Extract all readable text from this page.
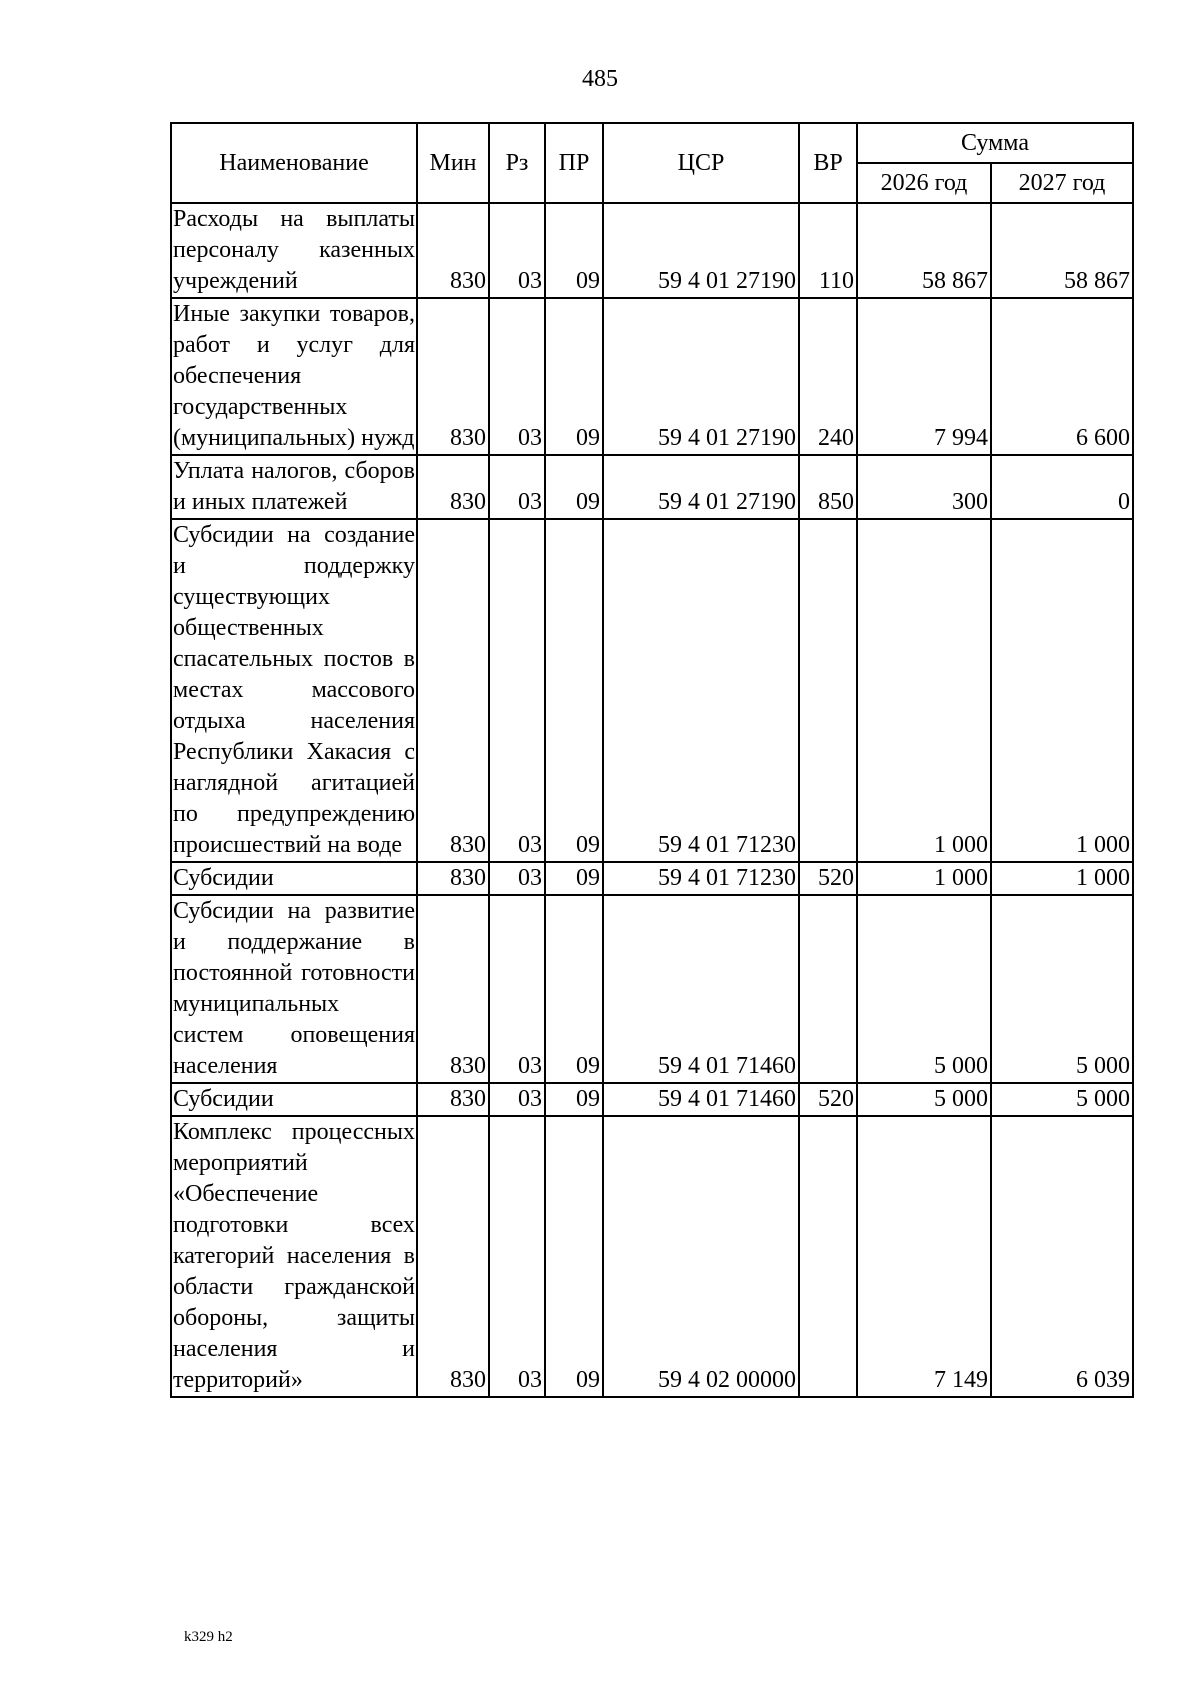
485
Наименование	Мин	Рз	ПР	ЦСР	ВР	Сумма	
						2026 год	2027 год
Расходы на выплаты персоналу казенных учреждений	830	03	09	59 4 01 27190	110	58 867	58 867
Иные закупки товаров, работ и услуг для обеспечения государственных (муниципальных) нужд	830	03	09	59 4 01 27190	240	7 994	6 600
Уплата налогов, сборов и иных платежей	830	03	09	59 4 01 27190	850	300	0
Субсидии на создание и поддержку существующих общественных спасательных постов в местах массового отдыха населения Республики Хакасия с наглядной агитацией по предупреждению происшествий на воде	830	03	09	59 4 01 71230		1 000	1 000
Субсидии	830	03	09	59 4 01 71230	520	1 000	1 000
Субсидии на развитие и поддержание в постоянной готовности муниципальных систем оповещения населения	830	03	09	59 4 01 71460		5 000	5 000
Субсидии	830	03	09	59 4 01 71460	520	5 000	5 000
Комплекс процессных мероприятий «Обеспечение подготовки всех категорий населения в области гражданской обороны, защиты населения и территорий»	830	03	09	59 4 02 00000		7 149	6 039
k329 h2
